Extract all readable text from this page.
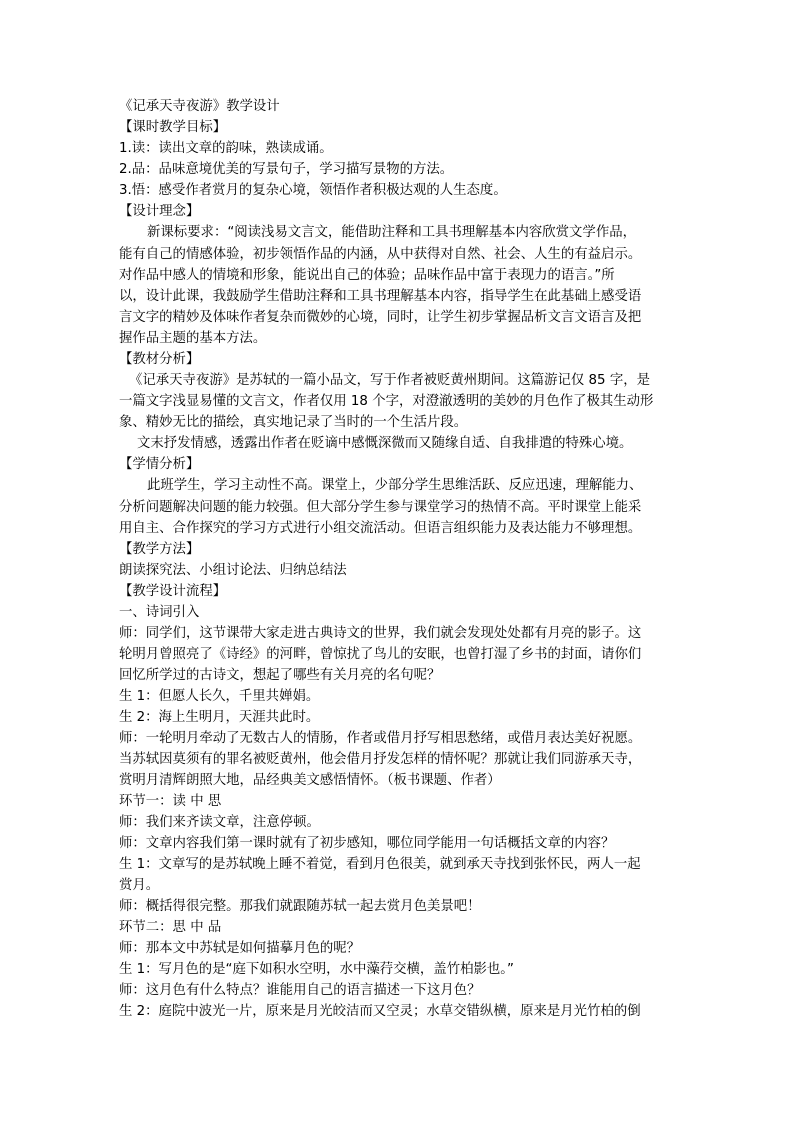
《记承天寺夜游》教学设计
【课时教学目标】
1.读：读出文章的韵味，熟读成诵。
2.品：品味意境优美的写景句子，学习描写景物的方法。
3.悟：感受作者赏月的复杂心境，领悟作者积极达观的人生态度。
【设计理念】
新课标要求：“阅读浅易文言文，能借助注释和工具书理解基本内容欣赏文学作品，
能有自己的情感体验，初步领悟作品的内涵，从中获得对自然、社会、人生的有益启示。
对作品中感人的情境和形象，能说出自己的体验；品味作品中富于表现力的语言。”所
以，设计此课，我鼓励学生借助注释和工具书理解基本内容，指导学生在此基础上感受语
言文字的精妙及体味作者复杂而微妙的心境，同时，让学生初步掌握品析文言文语言及把
握作品主题的基本方法。
【教材分析】
《记承天寺夜游》是苏轼的一篇小品文，写于作者被贬黄州期间。这篇游记仅 85 字，是
一篇文字浅显易懂的文言文，作者仅用 18 个字，对澄澈透明的美妙的月色作了极其生动形
象、精妙无比的描绘，真实地记录了当时的一个生活片段。
文末抒发情感，透露出作者在贬谪中感慨深微而又随缘自适、自我排遣的特殊心境。
【学情分析】
此班学生，学习主动性不高。课堂上，少部分学生思维活跃、反应迅速，理解能力、
分析问题解决问题的能力较强。但大部分学生参与课堂学习的热情不高。平时课堂上能采
用自主、合作探究的学习方式进行小组交流活动。但语言组织能力及表达能力不够理想。
【教学方法】
朗读探究法、小组讨论法、归纳总结法
【教学设计流程】
一、诗词引入
师：同学们，这节课带大家走进古典诗文的世界，我们就会发现处处都有月亮的影子。这
轮明月曾照亮了《诗经》的河畔，曾惊扰了鸟儿的安眠，也曾打湿了乡书的封面，请你们
回忆所学过的古诗文，想起了哪些有关月亮的名句呢？
生 1：但愿人长久，千里共婵娟。
生 2：海上生明月，天涯共此时。
师：一轮明月牵动了无数古人的情肠，作者或借月抒写相思愁绪，或借月表达美好祝愿。
当苏轼因莫须有的罪名被贬黄州，他会借月抒发怎样的情怀呢？那就让我们同游承天寺，
赏明月清辉朗照大地，品经典美文感悟情怀。（板书课题、作者）
环节一：读 中 思
师：我们来齐读文章，注意停顿。
师：文章内容我们第一课时就有了初步感知，哪位同学能用一句话概括文章的内容？
生 1：文章写的是苏轼晚上睡不着觉，看到月色很美，就到承天寺找到张怀民，两人一起
赏月。
师：概括得很完整。那我们就跟随苏轼一起去赏月色美景吧！
环节二：思 中 品
师：那本文中苏轼是如何描摹月色的呢？
生 1：写月色的是“庭下如积水空明，水中藻荇交横，盖竹柏影也。”
师：这月色有什么特点？谁能用自己的语言描述一下这月色？
生 2：庭院中波光一片，原来是月光皎洁而又空灵；水草交错纵横，原来是月光竹柏的倒
